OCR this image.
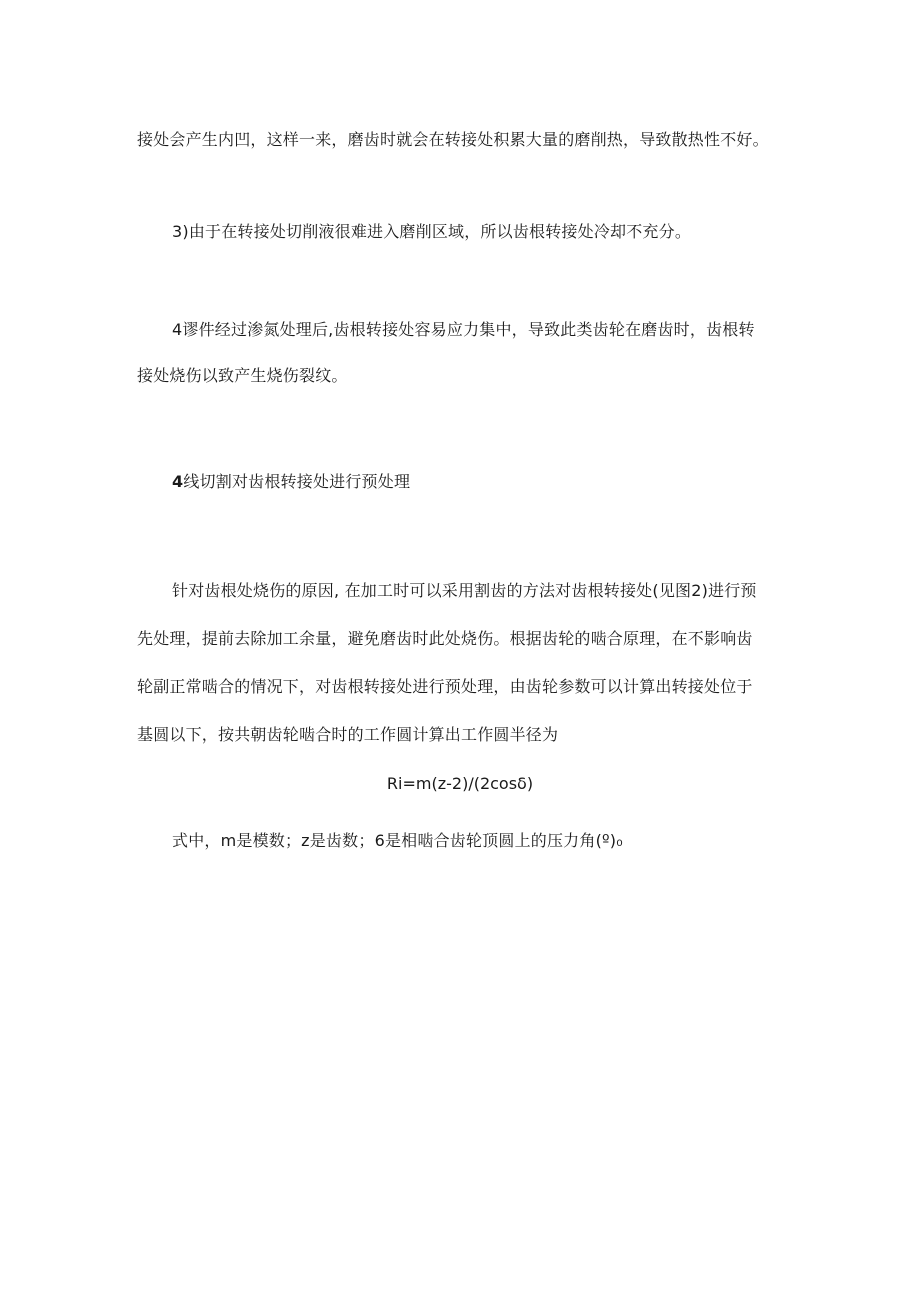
接处会产生内凹，这样一来，磨齿时就会在转接处积累大量的磨削热，导致散热性不好。
3)由于在转接处切削液很难进入磨削区域，所以齿根转接处冷却不充分。
4谬件经过渗氮处理后,齿根转接处容易应力集中，导致此类齿轮在磨齿时，齿根转
接处烧伤以致产生烧伤裂纹。
4线切割对齿根转接处进行预处理
针对齿根处烧伤的原因, 在加工时可以采用割齿的方法对齿根转接处(见图2)进行预
先处理，提前去除加工余量，避免磨齿时此处烧伤。根据齿轮的啮合原理，在不影响齿
轮副正常啮合的情况下，对齿根转接处进行预处理，由齿轮参数可以计算出转接处位于
基圆以下，按共朝齿轮啮合时的工作圆计算出工作圆半径为
Ri=m(z-2)/(2cosδ)
式中，m是模数；z是齿数；6是相啮合齿轮顶圆上的压力角(º)₀
